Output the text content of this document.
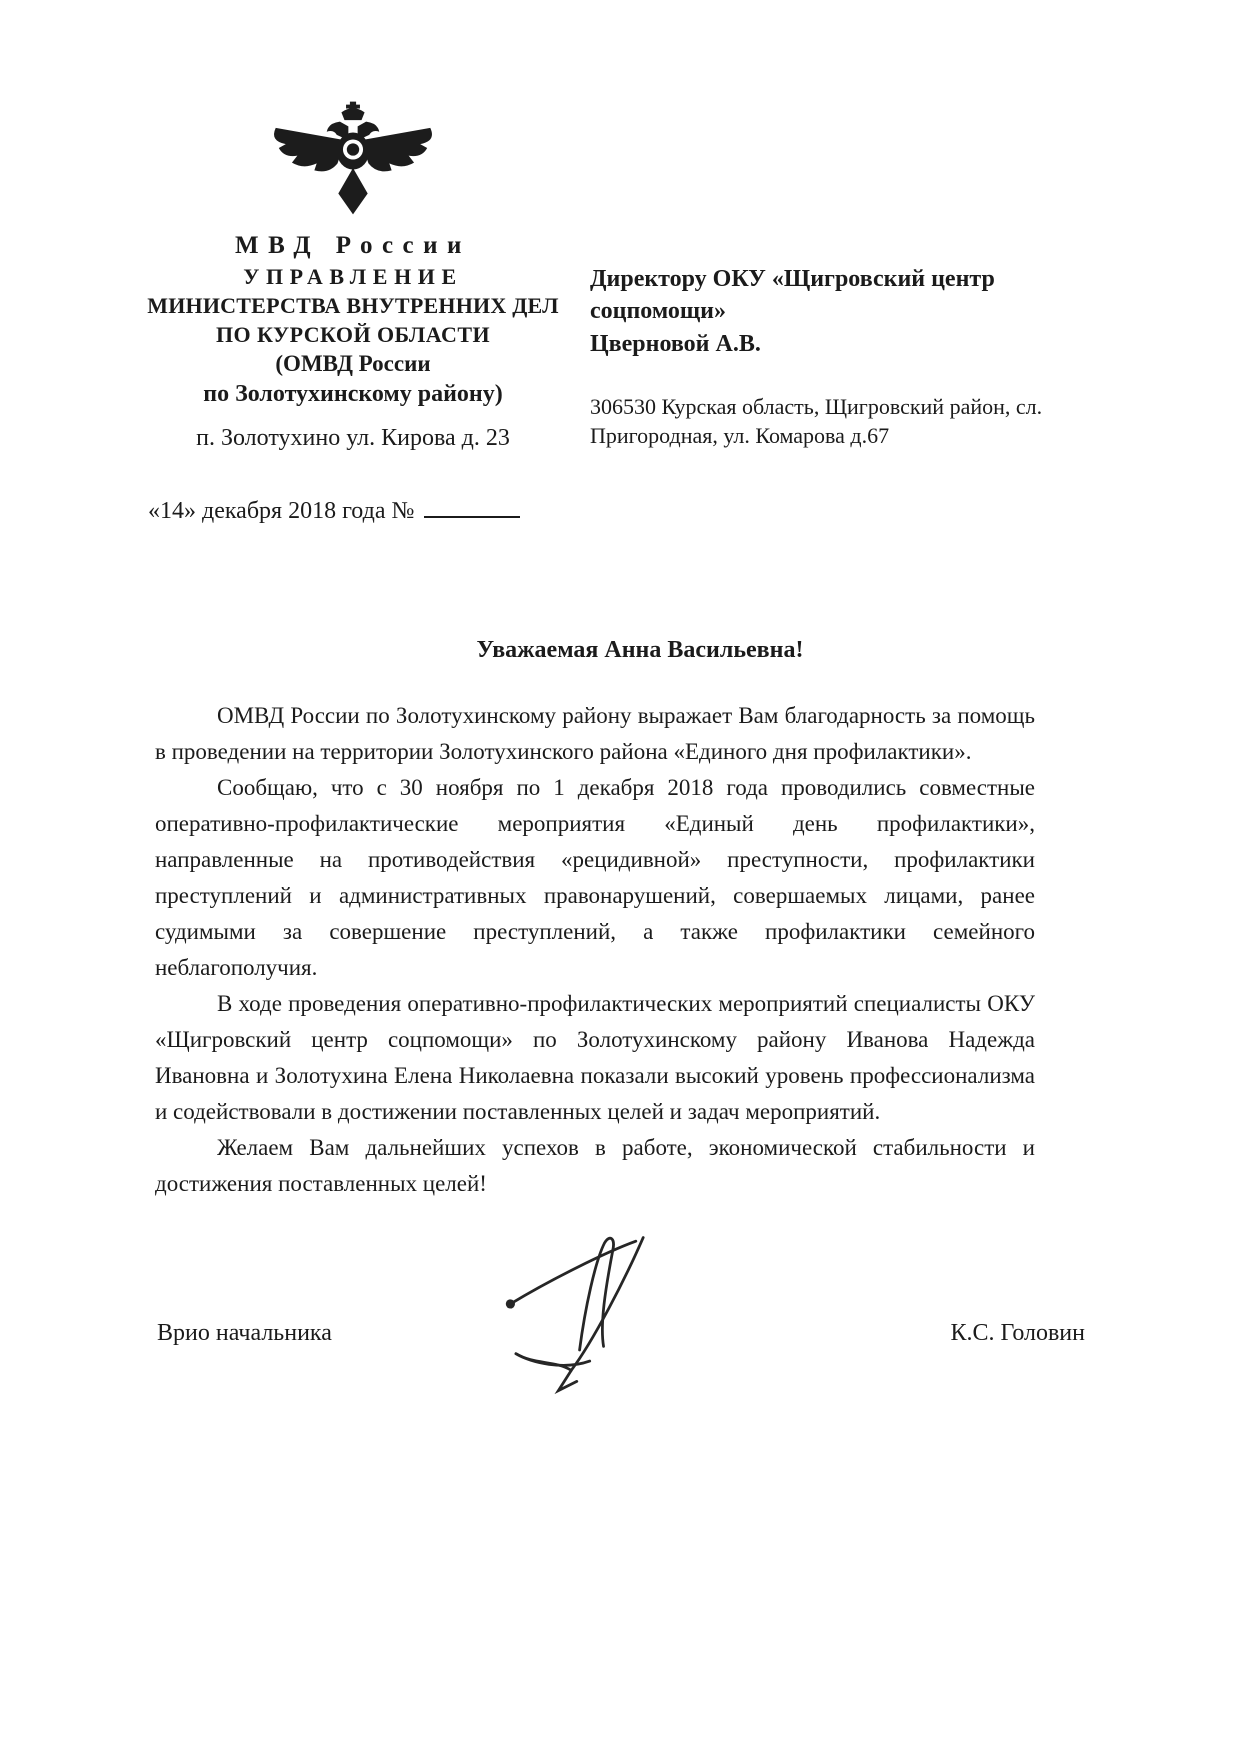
МВД России
УПРАВЛЕНИЕ
МИНИСТЕРСТВА ВНУТРЕННИХ ДЕЛ
ПО КУРСКОЙ ОБЛАСТИ
(ОМВД России
по Золотухинскому району)
п. Золотухино ул. Кирова д. 23
«14» декабря 2018 года №
Директору ОКУ «Щигровский центр
соцпомощи»
Цверновой А.В.
306530 Курская область, Щигровский район, сл.
Пригородная, ул. Комарова д.67
Уважаемая Анна Васильевна!

ОМВД России по Золотухинскому району выражает Вам благодарность за помощь в проведении на территории Золотухинского района «Единого дня профилактики».

Сообщаю, что с 30 ноября по 1 декабря 2018 года проводились совместные оперативно-профилактические мероприятия «Единый день профилактики», направленные на противодействия «рецидивной» преступности, профилактики преступлений и административных правонарушений, совершаемых лицами, ранее судимыми за совершение преступлений, а также профилактики семейного неблагополучия.

В ходе проведения оперативно-профилактических мероприятий специалисты ОКУ «Щигровский центр соцпомощи» по Золотухинскому району Иванова Надежда Ивановна и Золотухина Елена Николаевна показали высокий уровень профессионализма и содействовали в достижении поставленных целей и задач мероприятий.

Желаем Вам дальнейших успехов в работе, экономической стабильности и достижения поставленных целей!

Врио начальника	К.С. Головин
